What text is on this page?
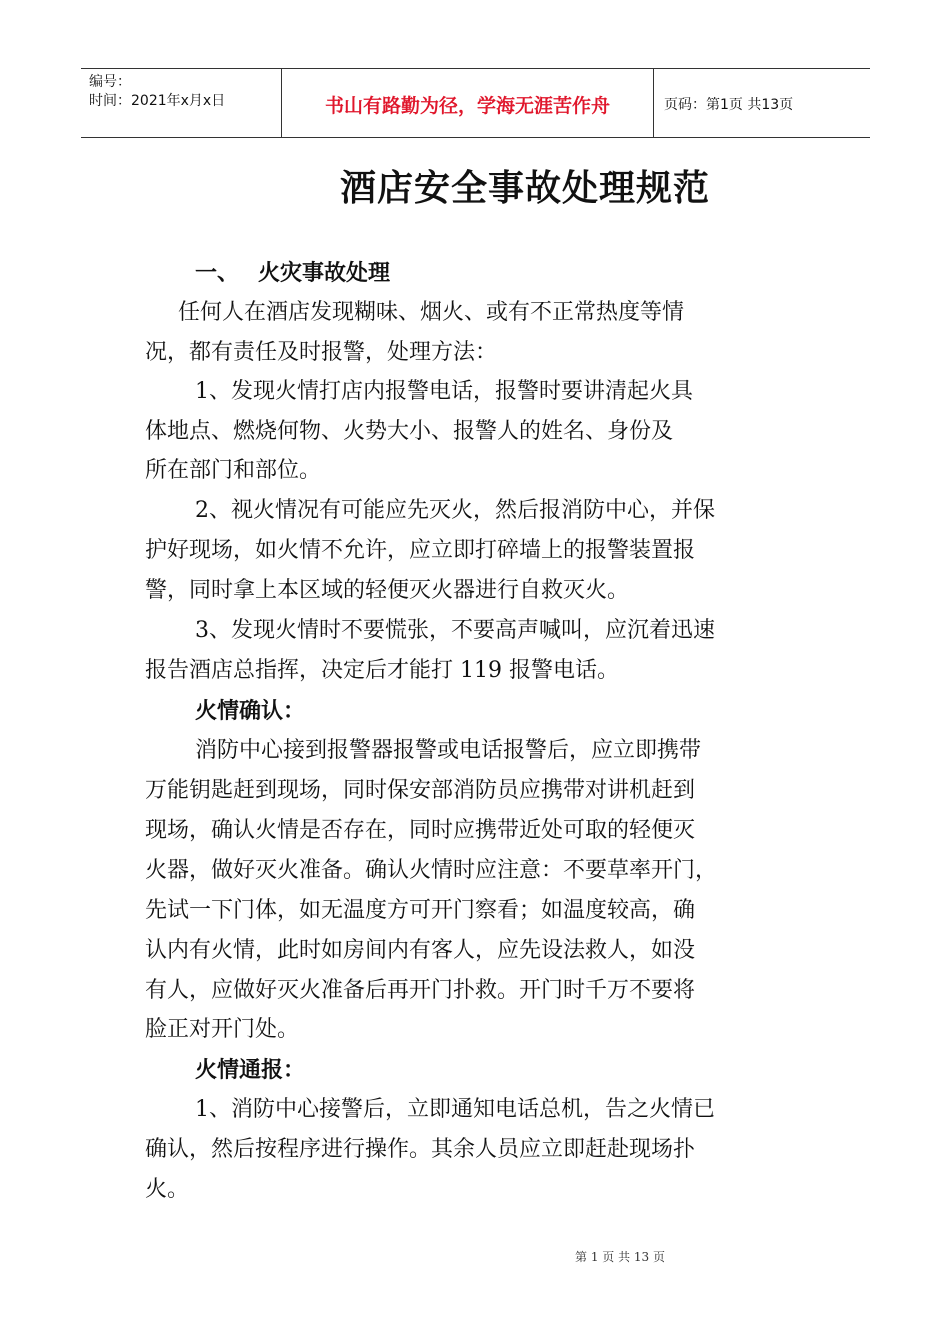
编号：
时间：2021年x月x日	书山有路勤为径，学海无涯苦作舟	页码：第1页 共13页
酒店安全事故处理规范
一、 火灾事故处理
任何人在酒店发现糊味、烟火、或有不正常热度等情
况，都有责任及时报警，处理方法：
1、发现火情打店内报警电话，报警时要讲清起火具
体地点、燃烧何物、火势大小、报警人的姓名、身份及
所在部门和部位。
2、视火情况有可能应先灭火，然后报消防中心，并保
护好现场，如火情不允许，应立即打碎墙上的报警装置报
警，同时拿上本区域的轻便灭火器进行自救灭火。
3、发现火情时不要慌张，不要高声喊叫，应沉着迅速
报告酒店总指挥，决定后才能打 119 报警电话。
火情确认：
消防中心接到报警器报警或电话报警后，应立即携带
万能钥匙赶到现场，同时保安部消防员应携带对讲机赶到
现场，确认火情是否存在，同时应携带近处可取的轻便灭
火器，做好灭火准备。确认火情时应注意：不要草率开门，
先试一下门体，如无温度方可开门察看；如温度较高，确
认内有火情，此时如房间内有客人，应先设法救人，如没
有人，应做好灭火准备后再开门扑救。开门时千万不要将
脸正对开门处。
火情通报：
1、消防中心接警后，立即通知电话总机，告之火情已
确认，然后按程序进行操作。其余人员应立即赶赴现场扑
火。
第 1 页 共 13 页
